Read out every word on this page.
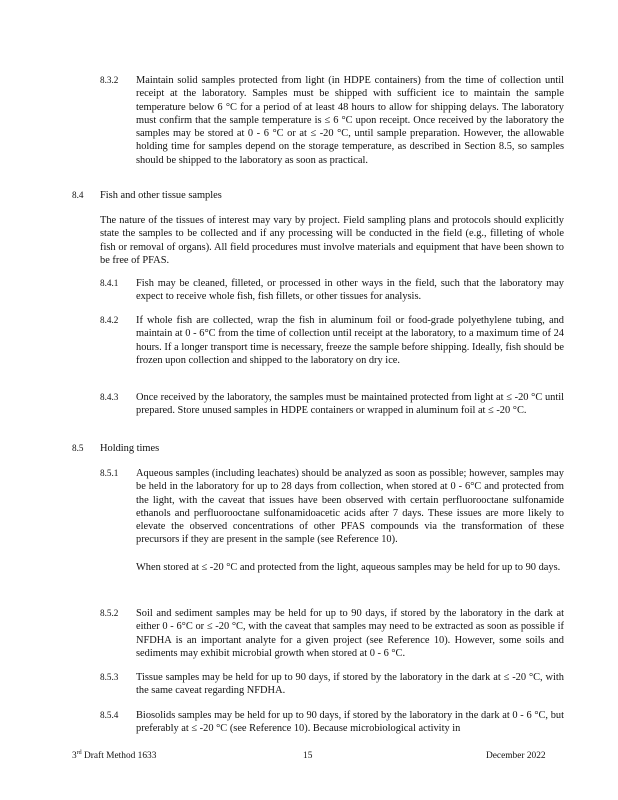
8.3.2 Maintain solid samples protected from light (in HDPE containers) from the time of collection until receipt at the laboratory. Samples must be shipped with sufficient ice to maintain the sample temperature below 6 °C for a period of at least 48 hours to allow for shipping delays. The laboratory must confirm that the sample temperature is ≤ 6 °C upon receipt. Once received by the laboratory the samples may be stored at 0 - 6 °C or at ≤ -20 °C, until sample preparation. However, the allowable holding time for samples depend on the storage temperature, as described in Section 8.5, so samples should be shipped to the laboratory as soon as practical.

8.4 Fish and other tissue samples

The nature of the tissues of interest may vary by project. Field sampling plans and protocols should explicitly state the samples to be collected and if any processing will be conducted in the field (e.g., filleting of whole fish or removal of organs). All field procedures must involve materials and equipment that have been shown to be free of PFAS.

8.4.1 Fish may be cleaned, filleted, or processed in other ways in the field, such that the laboratory may expect to receive whole fish, fish fillets, or other tissues for analysis.

8.4.2 If whole fish are collected, wrap the fish in aluminum foil or food-grade polyethylene tubing, and maintain at 0 - 6°C from the time of collection until receipt at the laboratory, to a maximum time of 24 hours. If a longer transport time is necessary, freeze the sample before shipping. Ideally, fish should be frozen upon collection and shipped to the laboratory on dry ice.

8.4.3 Once received by the laboratory, the samples must be maintained protected from light at ≤ -20 °C until prepared. Store unused samples in HDPE containers or wrapped in aluminum foil at ≤ -20 °C.

8.5 Holding times
8.5.1 Aqueous samples (including leachates) should be analyzed as soon as possible; however, samples may be held in the laboratory for up to 28 days from collection, when stored at 0 - 6°C and protected from the light, with the caveat that issues have been observed with certain perfluorooctane sulfonamide ethanols and perfluorooctane sulfonamidoacetic acids after 7 days. These issues are more likely to elevate the observed concentrations of other PFAS compounds via the transformation of these precursors if they are present in the sample (see Reference 10).

When stored at ≤ -20 °C and protected from the light, aqueous samples may be held for up to 90 days.

8.5.2 Soil and sediment samples may be held for up to 90 days, if stored by the laboratory in the dark at either 0 - 6°C or ≤ -20 °C, with the caveat that samples may need to be extracted as soon as possible if NFDHA is an important analyte for a given project (see Reference 10). However, some soils and sediments may exhibit microbial growth when stored at 0 - 6 °C.

8.5.3 Tissue samples may be held for up to 90 days, if stored by the laboratory in the dark at ≤ -20 °C, with the same caveat regarding NFDHA.

8.5.4 Biosolids samples may be held for up to 90 days, if stored by the laboratory in the dark at 0 - 6 °C, but preferably at ≤ -20 °C (see Reference 10). Because microbiological activity in

3rd Draft Method 1633	15	December 2022
